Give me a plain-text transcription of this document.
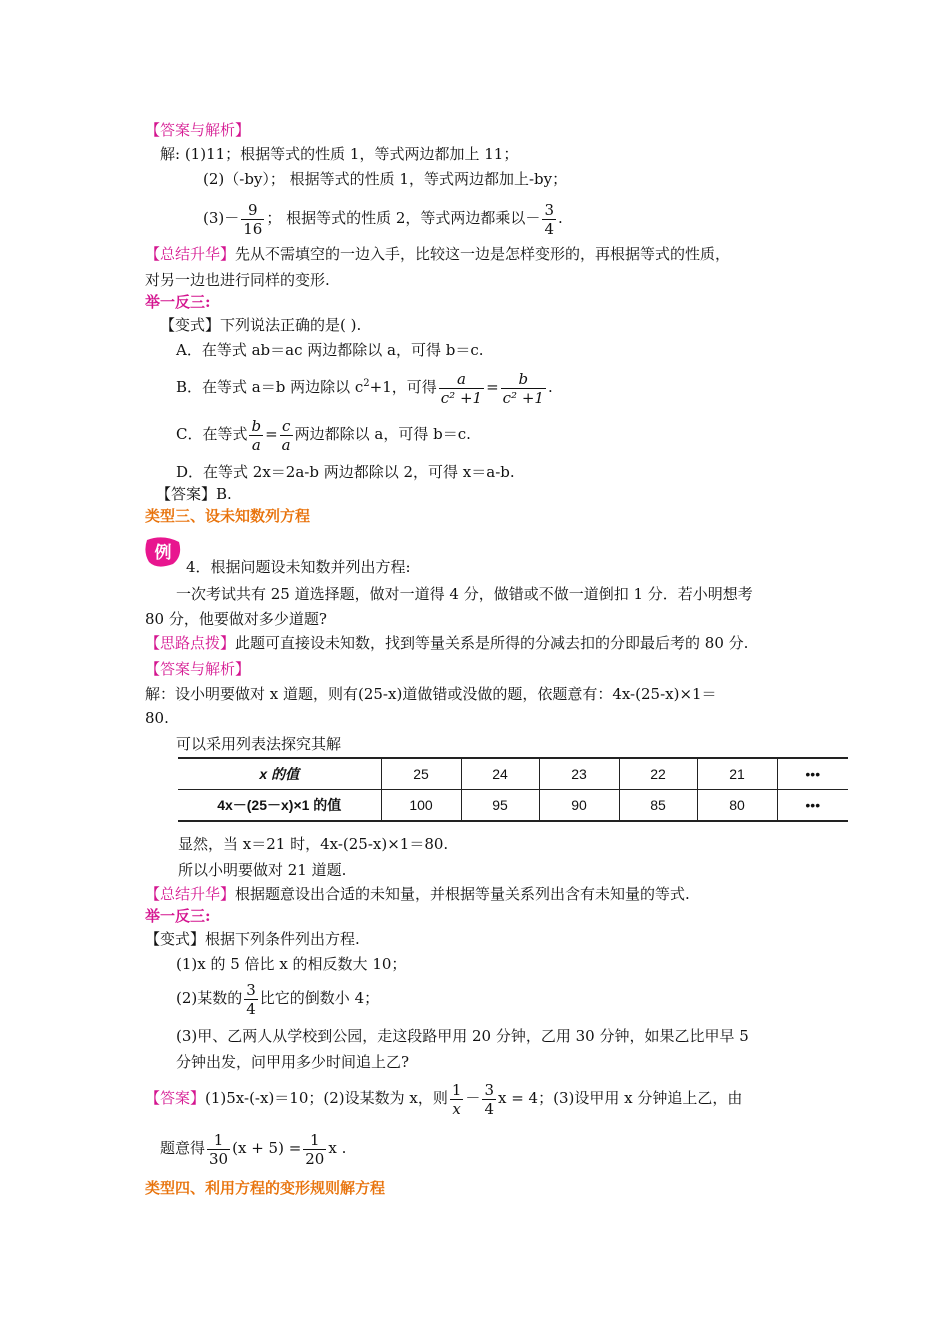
【答案与解析】
解: (1)11；根据等式的性质 1，等式两边都加上 11；
(2)（-by）； 根据等式的性质 1，等式两边都加上-by；
$(3)- \frac{9}{16}$ ； 根据等式的性质 2，等式两边都乘以－ $\frac{3}{4}$ .
【总结升华】先从不需填空的一边入手，比较这一边是怎样变形的，再根据等式的性质，
对另一边也进行同样的变形.
举一反三:
【变式】下列说法正确的是( ).
A．在等式 ab＝ac 两边都除以 a，可得 b＝c.
B．在等式 a＝b 两边除以 $c^2+1$，可得 $\frac{a}{\text{c² +1}} = \frac{b}{\text{c² +1}}$ .
C．在等式 $\frac{b}{a} = \frac{c}{a}$ 两边都除以 a，可得 b＝c.
D．在等式 2x＝2a-b 两边都除以 2，可得 x＝a-b.
【答案】B.
类型三、设未知数列方程
例
4．根据问题设未知数并列出方程:
一次考试共有 25 道选择题，做对一道得 4 分，做错或不做一道倒扣 1 分．若小明想考
80 分，他要做对多少道题?
【思路点拨】此题可直接设未知数，找到等量关系是所得的分减去扣的分即最后考的 80 分.
【答案与解析】
解：设小明要做对 x 道题，则有(25-x)道做错或没做的题，依题意有：4x-(25-x)×1＝
80.
可以采用列表法探究其解
x 的值	25	24	23	22	21	•••
4x－(25－x)×1 的值	100	95	90	85	80	•••
显然，当 x＝21 时，4x-(25-x)×1＝80.
所以小明要做对 21 道题.
【总结升华】根据题意设出合适的未知量，并根据等量关系列出含有未知量的等式.
举一反三:
【变式】根据下列条件列出方程.
(1)x 的 5 倍比 x 的相反数大 10；
(2)某数的 $\frac{3}{4}$ 比它的倒数小 4；
(3)甲、乙两人从学校到公园，走这段路甲用 20 分钟，乙用 30 分钟，如果乙比甲早 5
分钟出发，问甲用多少时间追上乙?
【答案】(1)5x-(-x)＝10；(2)设某数为 x，则 $\frac{1}{x} - \frac{3}{4}$ x = 4；(3)设甲用 x 分钟追上乙，由
题意得 $\frac{1}{30} (x + 5) = \frac{1}{20}$ x .
类型四、利用方程的变形规则解方程
